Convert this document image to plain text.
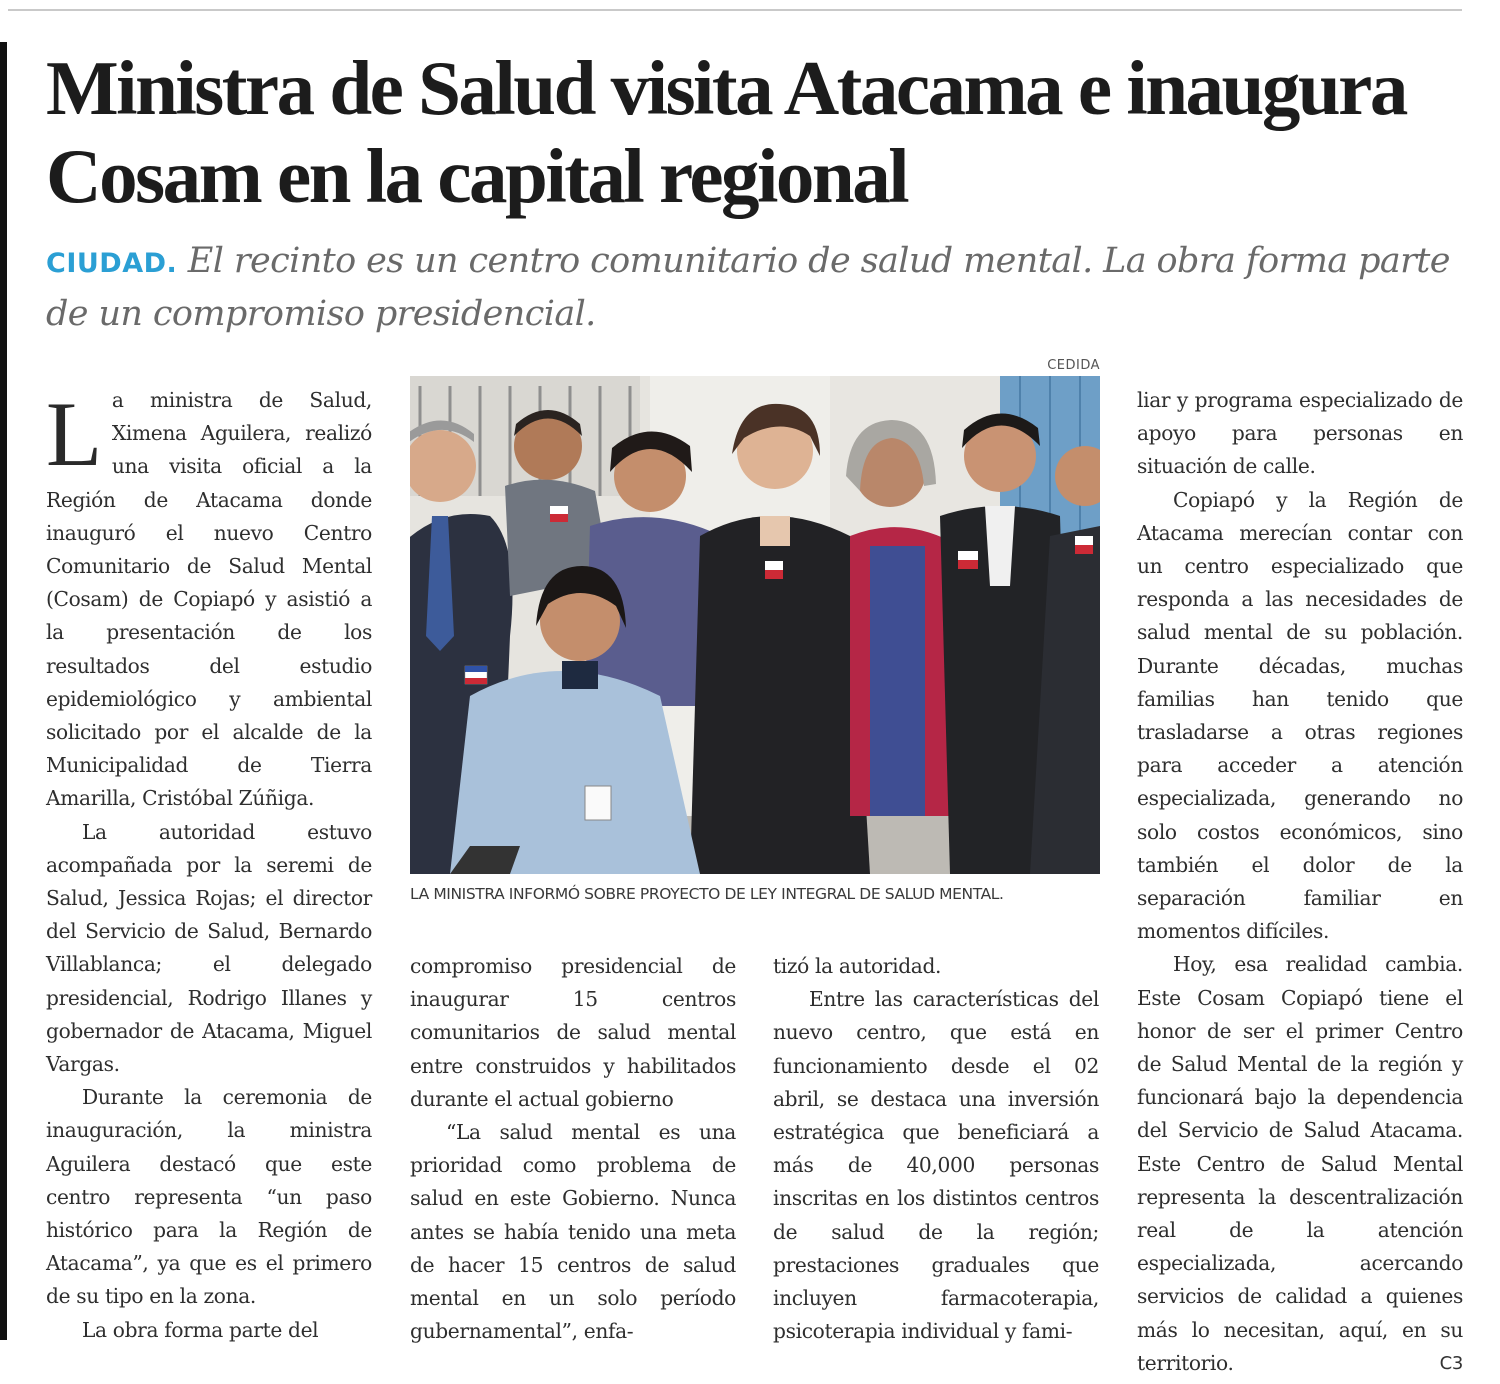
Ministra de Salud visita Atacama e inaugura Cosam en la capital regional

CIUDAD. El recinto es un centro comunitario de salud mental. La obra forma parte de un compromiso presidencial.

La ministra de Salud, Ximena Aguilera, realizó una visita oficial a la Región de Atacama donde inauguró el nuevo Centro Comunitario de Salud Mental (Cosam) de Copiapó y asistió a la presentación de los resultados del estudio epidemiológico y ambiental solicitado por el alcalde de la Municipalidad de Tierra Amarilla, Cristóbal Zúñiga.

La autoridad estuvo acompañada por la seremi de Salud, Jessica Rojas; el director del Servicio de Salud, Bernardo Villablanca; el delegado presidencial, Rodrigo Illanes y gobernador de Atacama, Miguel Vargas.

Durante la ceremonia de inauguración, la ministra Aguilera destacó que este centro representa “un paso histórico para la Región de Atacama”, ya que es el primero de su tipo en la zona.

La obra forma parte del

CEDIDA

LA MINISTRA INFORMÓ SOBRE PROYECTO DE LEY INTEGRAL DE SALUD MENTAL.

compromiso presidencial de inaugurar 15 centros comunitarios de salud mental entre construidos y habilitados durante el actual gobierno

“La salud mental es una prioridad como problema de salud en este Gobierno. Nunca antes se había tenido una meta de hacer 15 centros de salud mental en un solo período gubernamental”, enfa-

tizó la autoridad.

Entre las características del nuevo centro, que está en funcionamiento desde el 02 abril, se destaca una inversión estratégica que beneficiará a más de 40,000 personas inscritas en los distintos centros de salud de la región; prestaciones graduales que incluyen farmacoterapia, psicoterapia individual y fami-

liar y programa especializado de apoyo para personas en situación de calle.

Copiapó y la Región de Atacama merecían contar con un centro especializado que responda a las necesidades de salud mental de su población. Durante décadas, muchas familias han tenido que trasladarse a otras regiones para acceder a atención especializada, generando no solo costos económicos, sino también el dolor de la separación familiar en momentos difíciles.

Hoy, esa realidad cambia. Este Cosam Copiapó tiene el honor de ser el primer Centro de Salud Mental de la región y funcionará bajo la dependencia del Servicio de Salud Atacama. Este Centro de Salud Mental representa la descentralización real de la atención especializada, acercando servicios de calidad a quienes más lo necesitan, aquí, en su territorio.	C3
